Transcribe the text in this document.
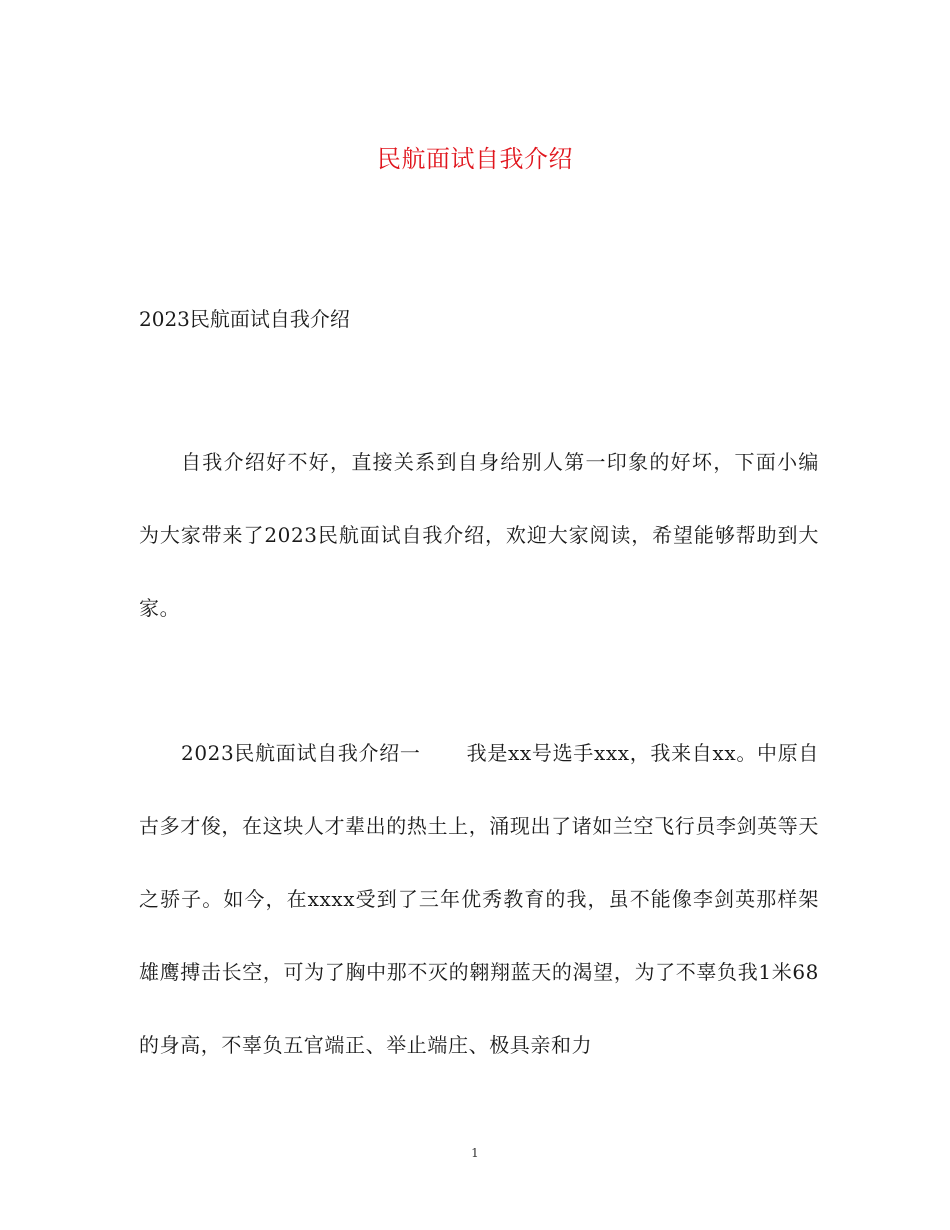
民航面试自我介绍
2023民航面试自我介绍

自我介绍好不好，直接关系到自身给别人第一印象的好坏，下面小编为大家带来了2023民航面试自我介绍，欢迎大家阅读，希望能够帮助到大家。

2023民航面试自我介绍一 我是xx号选手xxx，我来自xx。中原自古多才俊，在这块人才辈出的热土上，涌现出了诸如兰空飞行员李剑英等天之骄子。如今，在xxxx受到了三年优秀教育的我，虽不能像李剑英那样架雄鹰搏击长空，可为了胸中那不灭的翱翔蓝天的渴望，为了不辜负我1米68的身高，不辜负五官端正、举止端庄、极具亲和力

1
